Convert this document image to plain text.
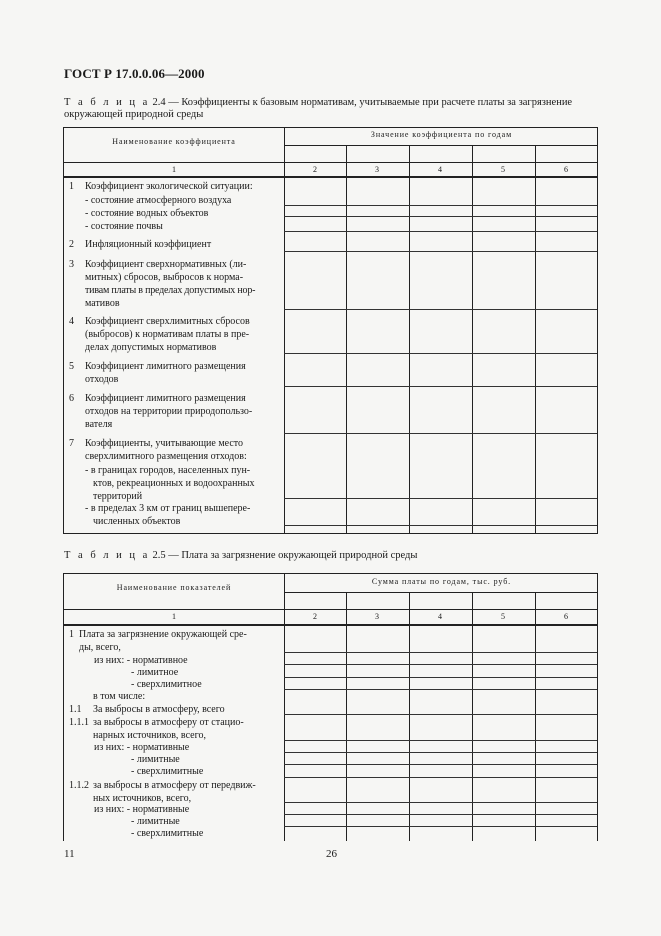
ГОСТ Р 17.0.0.06—2000
Т а б л и ц а 2.4 — Коэффициенты к базовым нормативам, учитываемые при расчете платы за загрязнение окружающей природной среды
Наименование коэффициента
Значение коэффициента по годам
1	2	3	4	5	6
1 Коэффициент экологической ситуации:
- состояние атмосферного воздуха
- состояние водных объектов
- состояние почвы
2 Инфляционный коэффициент
3 Коэффициент сверхнормативных (ли-
митных) сбросов, выбросов к норма-
тивам платы в пределах допустимых нор-
мативов
4 Коэффициент сверхлимитных сбросов
(выбросов) к нормативам платы в пре-
делах допустимых нормативов
5 Коэффициент лимитного размещения
отходов
6 Коэффициент лимитного размещения
отходов на территории природопользо-
вателя
7 Коэффициенты, учитывающие место
сверхлимитного размещения отходов:
- в границах городов, населенных пун-
ктов, рекреационных и водоохранных
территорий
- в пределах 3 км от границ вышепере-
численных объектов
Т а б л и ц а 2.5 — Плата за загрязнение окружающей природной среды
Наименование показателей
Сумма платы по годам, тыс. руб.
1	2	3	4	5	6
1 Плата за загрязнение окружающей сре-
ды, всего,
из них: - нормативное
- лимитное
- сверхлимитное
в том числе:
1.1 За выбросы в атмосферу, всего
1.1.1 за выбросы в атмосферу от стацио-
нарных источников, всего,
из них: - нормативные
- лимитные
- сверхлимитные
1.1.2 за выбросы в атмосферу от передвиж-
ных источников, всего,
из них: - нормативные
- лимитные
- сверхлимитные
11	26
